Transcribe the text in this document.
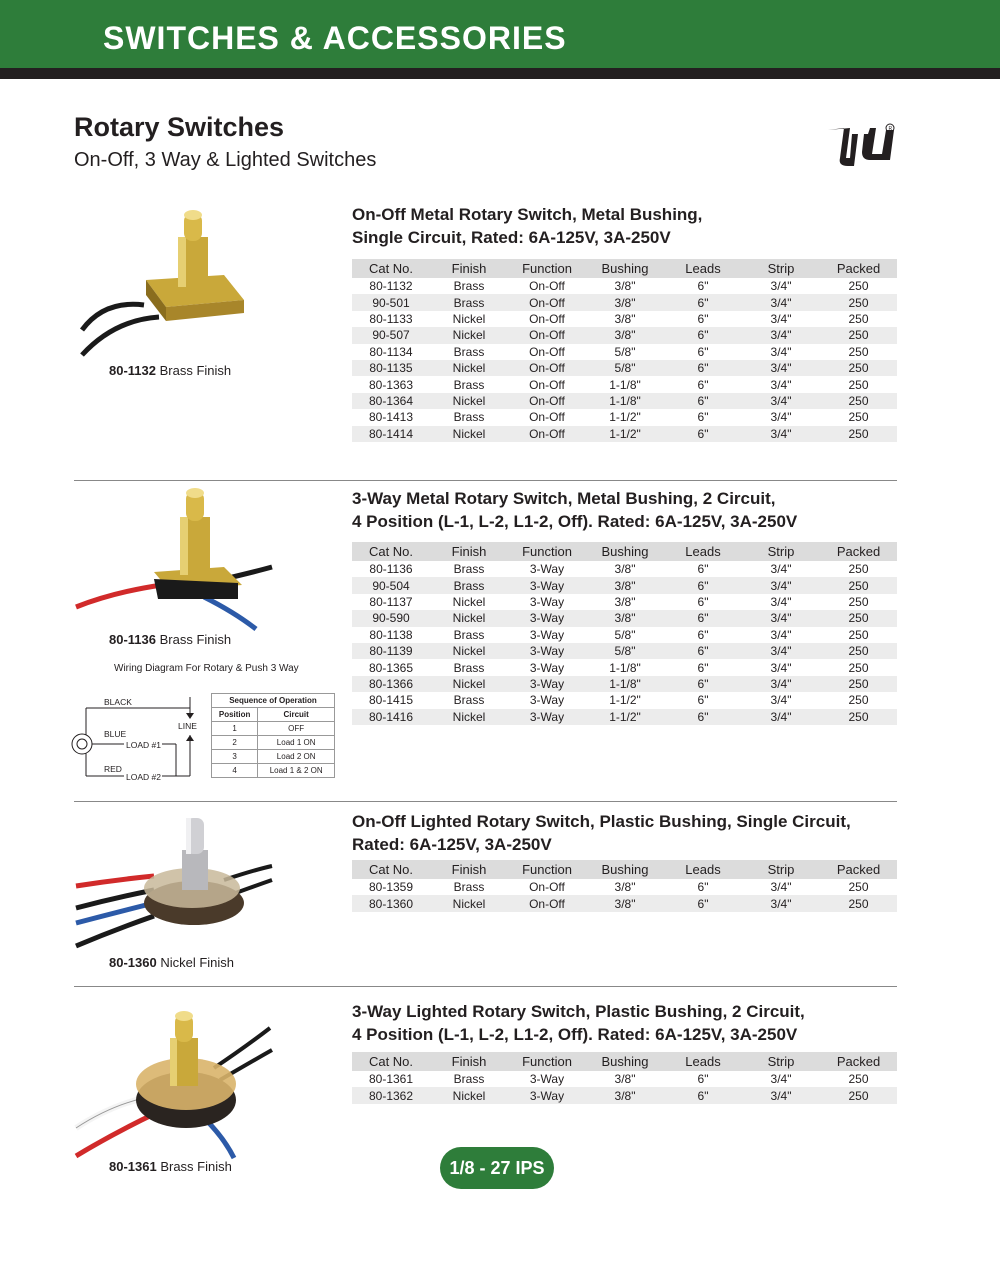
SWITCHES & ACCESSORIES
Rotary Switches
On-Off, 3 Way & Lighted Switches
R
80-1132 Brass Finish
On-Off Metal Rotary Switch, Metal Bushing,
Single Circuit, Rated: 6A-125V, 3A-250V
Cat No.	Finish	Function	Bushing	Leads	Strip	Packed
80-1132	Brass	On-Off	3/8"	6"	3/4"	250
90-501	Brass	On-Off	3/8"	6"	3/4"	250
80-1133	Nickel	On-Off	3/8"	6"	3/4"	250
90-507	Nickel	On-Off	3/8"	6"	3/4"	250
80-1134	Brass	On-Off	5/8"	6"	3/4"	250
80-1135	Nickel	On-Off	5/8"	6"	3/4"	250
80-1363	Brass	On-Off	1-1/8"	6"	3/4"	250
80-1364	Nickel	On-Off	1-1/8"	6"	3/4"	250
80-1413	Brass	On-Off	1-1/2"	6"	3/4"	250
80-1414	Nickel	On-Off	1-1/2"	6"	3/4"	250
80-1136 Brass Finish
3-Way Metal Rotary Switch, Metal Bushing, 2 Circuit,
4 Position (L-1, L-2, L1-2, Off). Rated: 6A-125V, 3A-250V
Cat No.	Finish	Function	Bushing	Leads	Strip	Packed
80-1136	Brass	3-Way	3/8"	6"	3/4"	250
90-504	Brass	3-Way	3/8"	6"	3/4"	250
80-1137	Nickel	3-Way	3/8"	6"	3/4"	250
90-590	Nickel	3-Way	3/8"	6"	3/4"	250
80-1138	Brass	3-Way	5/8"	6"	3/4"	250
80-1139	Nickel	3-Way	5/8"	6"	3/4"	250
80-1365	Brass	3-Way	1-1/8"	6"	3/4"	250
80-1366	Nickel	3-Way	1-1/8"	6"	3/4"	250
80-1415	Brass	3-Way	1-1/2"	6"	3/4"	250
80-1416	Nickel	3-Way	1-1/2"	6"	3/4"	250
Wiring Diagram For Rotary & Push 3 Way
BLACK
BLUE
RED
LINE
LOAD #1
LOAD #2
Sequence of Operation	
Position	Circuit
1	OFF
2	Load 1 ON
3	Load 2 ON
4	Load 1 & 2 ON
80-1360 Nickel Finish
On-Off Lighted Rotary Switch, Plastic Bushing, Single Circuit,
Rated: 6A-125V, 3A-250V
Cat No.	Finish	Function	Bushing	Leads	Strip	Packed
80-1359	Brass	On-Off	3/8"	6"	3/4"	250
80-1360	Nickel	On-Off	3/8"	6"	3/4"	250
80-1361 Brass Finish
3-Way Lighted Rotary Switch, Plastic Bushing, 2 Circuit,
4 Position (L-1, L-2, L1-2, Off). Rated: 6A-125V, 3A-250V
Cat No.	Finish	Function	Bushing	Leads	Strip	Packed
80-1361	Brass	3-Way	3/8"	6"	3/4"	250
80-1362	Nickel	3-Way	3/8"	6"	3/4"	250
1/8 - 27 IPS
